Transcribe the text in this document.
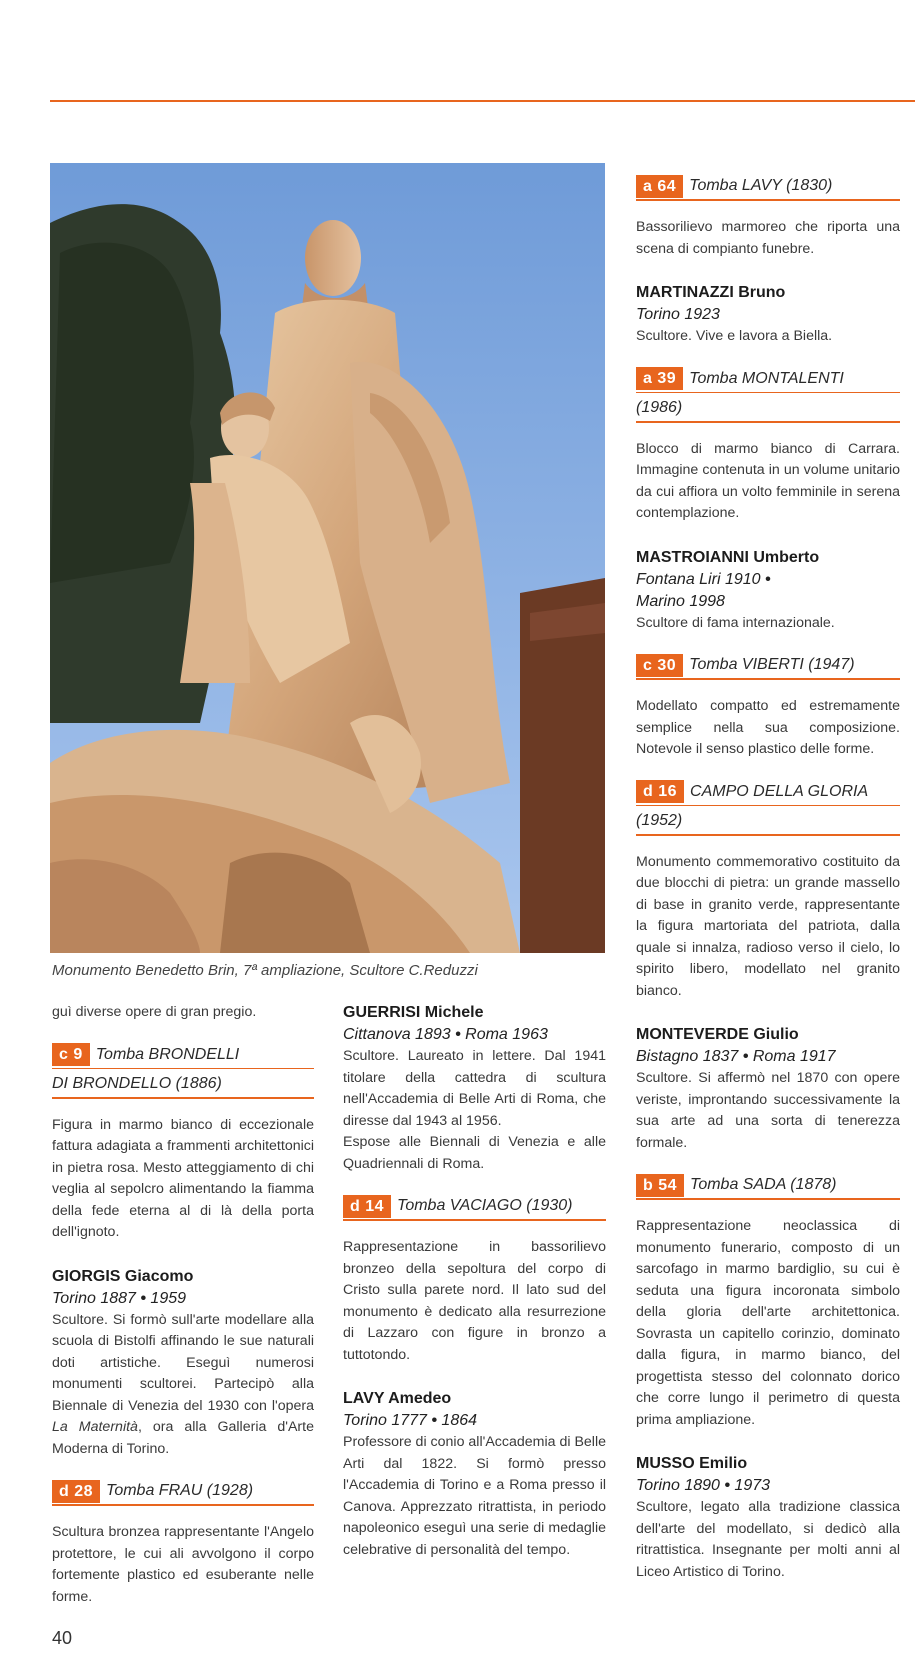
Monumento Benedetto Brin, 7ª ampliazione, Scultore C.Reduzzi

guì diverse opere di gran pregio.

c 9 Tomba BRONDELLI
DI BRONDELLO (1886)

Figura in marmo bianco di eccezionale fattura adagiata a frammenti architettonici in pietra rosa. Mesto atteggiamento di chi veglia al sepolcro alimentando la fiamma della fede eterna al di là della porta dell'ignoto.

GIORGIS Giacomo
Torino 1887 • 1959

Scultore. Si formò sull'arte modellare alla scuola di Bistolfi affinando le sue naturali doti artistiche. Eseguì numerosi monumenti scultorei. Partecipò alla Biennale di Venezia del 1930 con l'opera La Maternità, ora alla Galleria d'Arte Moderna di Torino.

d 28 Tomba FRAU (1928)

Scultura bronzea rappresentante l'Angelo protettore, le cui ali avvolgono il corpo fortemente plastico ed esuberante nelle forme.

GUERRISI Michele
Cittanova 1893 • Roma 1963

Scultore. Laureato in lettere. Dal 1941 titolare della cattedra di scultura nell'Accademia di Belle Arti di Roma, che diresse dal 1943 al 1956.

Espose alle Biennali di Venezia e alle Quadriennali di Roma.

d 14 Tomba VACIAGO (1930)

Rappresentazione in bassorilievo bronzeo della sepoltura del corpo di Cristo sulla parete nord. Il lato sud del monumento è dedicato alla resurrezione di Lazzaro con figure in bronzo a tuttotondo.

LAVY Amedeo
Torino 1777 • 1864

Professore di conio all'Accademia di Belle Arti dal 1822. Si formò presso l'Accademia di Torino e a Roma presso il Canova. Apprezzato ritrattista, in periodo napoleonico eseguì una serie di medaglie celebrative di personalità del tempo.

a 64 Tomba LAVY (1830)

Bassorilievo marmoreo che riporta una scena di compianto funebre.

MARTINAZZI Bruno
Torino 1923

Scultore. Vive e lavora a Biella.

a 39 Tomba MONTALENTI
(1986)

Blocco di marmo bianco di Carrara. Immagine contenuta in un volume unitario da cui affiora un volto femminile in serena contemplazione.

MASTROIANNI Umberto
Fontana Liri 1910 •
Marino 1998

Scultore di fama internazionale.

c 30 Tomba VIBERTI (1947)

Modellato compatto ed estremamente semplice nella sua composizione. Notevole il senso plastico delle forme.

d 16 CAMPO DELLA GLORIA
(1952)

Monumento commemorativo costituito da due blocchi di pietra: un grande massello di base in granito verde, rappresentante la figura martoriata del patriota, dalla quale si innalza, radioso verso il cielo, lo spirito libero, modellato nel granito bianco.

MONTEVERDE Giulio
Bistagno 1837 • Roma 1917

Scultore. Si affermò nel 1870 con opere veriste, improntando successivamente la sua arte ad una sorta di tenerezza formale.

b 54 Tomba SADA (1878)

Rappresentazione neoclassica di monumento funerario, composto di un sarcofago in marmo bardiglio, su cui è seduta una figura incoronata simbolo della gloria dell'arte architettonica. Sovrasta un capitello corinzio, dominato dalla figura, in marmo bianco, del progettista stesso del colonnato dorico che corre lungo il perimetro di questa prima ampliazione.

MUSSO Emilio
Torino 1890 • 1973

Scultore, legato alla tradizione classica dell'arte del modellato, si dedicò alla ritrattistica. Insegnante per molti anni al Liceo Artistico di Torino.

40
